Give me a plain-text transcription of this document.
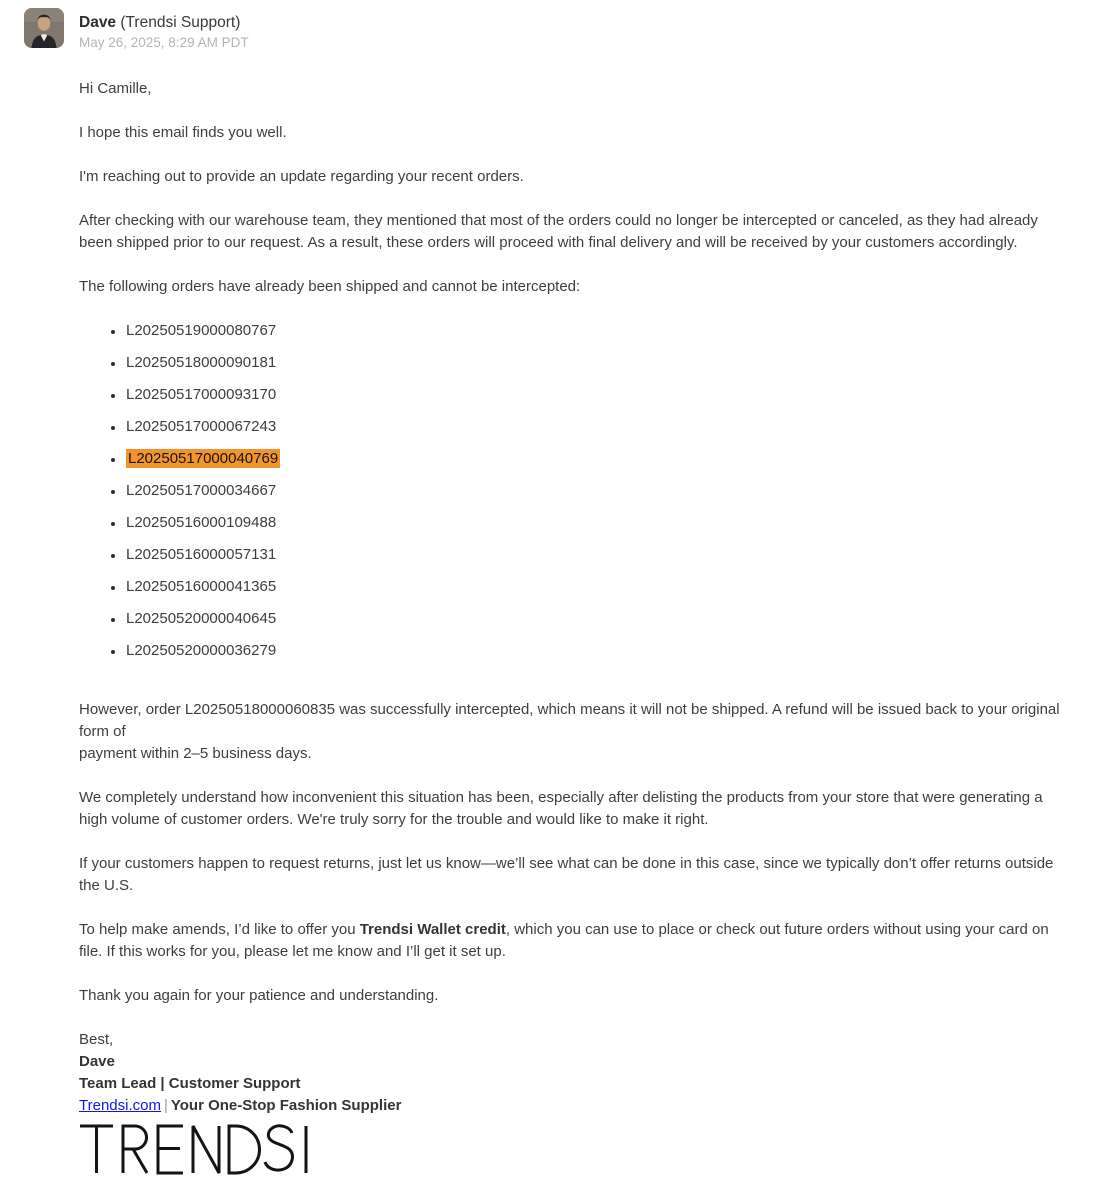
Dave (Trendsi Support)
May 26, 2025, 8:29 AM PDT

Hi Camille,

I hope this email finds you well.

I'm reaching out to provide an update regarding your recent orders.

After checking with our warehouse team, they mentioned that most of the orders could no longer be intercepted or canceled, as they had already been shipped prior to our request. As a result, these orders will proceed with final delivery and will be received by your customers accordingly.

The following orders have already been shipped and cannot be intercepted:

• L20250519000080767
• L20250518000090181
• L20250517000093170
• L20250517000067243
• L20250517000040769
• L20250517000034667
• L20250516000109488
• L20250516000057131
• L20250516000041365
• L20250520000040645
• L20250520000036279

However, order L20250518000060835 was successfully intercepted, which means it will not be shipped. A refund will be issued back to your original form of
payment within 2–5 business days.

We completely understand how inconvenient this situation has been, especially after delisting the products from your store that were generating a high volume of customer orders. We're truly sorry for the trouble and would like to make it right.

If your customers happen to request returns, just let us know—we’ll see what can be done in this case, since we typically don’t offer returns outside the U.S.

To help make amends, I’d like to offer you Trendsi Wallet credit, which you can use to place or check out future orders without using your card on file. If this works for you, please let me know and I’ll get it set up.

Thank you again for your patience and understanding.

Best,
Dave
Team Lead | Customer Support
Trendsi.com | Your One-Stop Fashion Supplier
